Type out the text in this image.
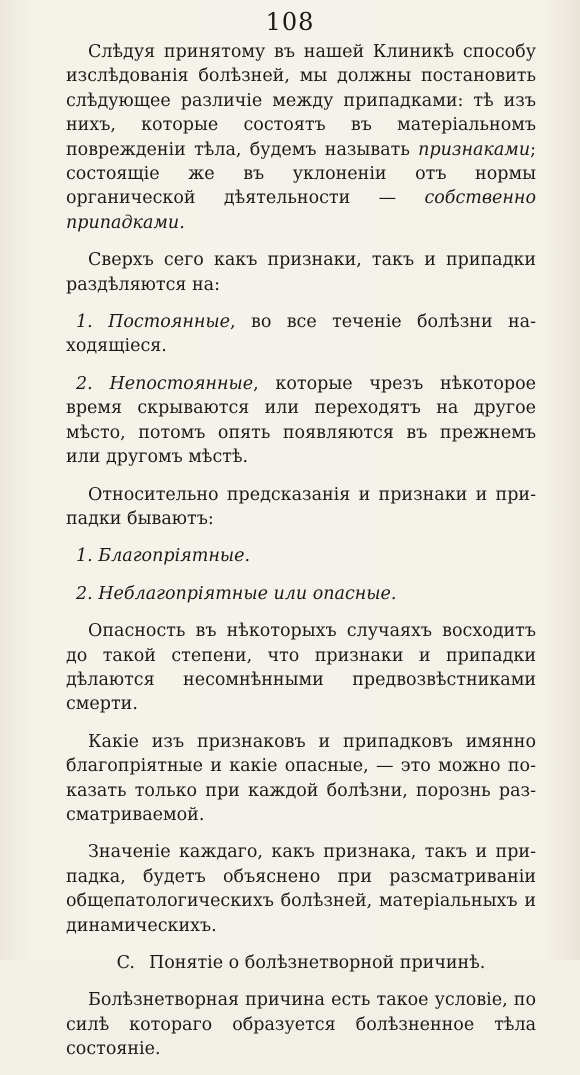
108

Слѣдуя принятому въ нашей Клиникѣ способу изслѣдованія болѣзней, мы должны постановить слѣдующее различіе между припадками: тѣ изъ нихъ, которые состоятъ въ матеріальномъ поврежденіи тѣла, будемъ называть признаками; состоящіе же въ уклоненіи отъ нормы органической дѣятельности — собственно припадками.

Сверхъ сего какъ признаки, такъ и припадки раздѣляются на:

1. Постоянные, во все теченіе болѣзни находящіеся.

2. Непостоянные, которые чрезъ нѣкоторое время скрываются или переходятъ на другое мѣсто, потомъ опять появляются въ прежнемъ или другомъ мѣстѣ.

Относительно предсказанія и признаки и припадки бываютъ:

1. Благопріятные.

2. Неблагопріятные или опасные.

Опасность въ нѣкоторыхъ случаяхъ восходитъ до такой степени, что признаки и припадки дѣлаются несомнѣнными предвозвѣстниками смерти.

Какіе изъ признаковъ и припадковъ имянно благопріятные и какіе опасные, — это можно показать только при каждой болѣзни, порознь разсматриваемой.

Значеніе каждаго, какъ признака, такъ и припадка, будетъ объяснено при разсматриваніи общепатологическихъ болѣзней, матеріальныхъ и динамическихъ.

C. Понятіе о болѣзнетворной причинѣ.

Болѣзнетворная причина есть такое условіе, по силѣ котораго образуется болѣзненное тѣла состояніе.
